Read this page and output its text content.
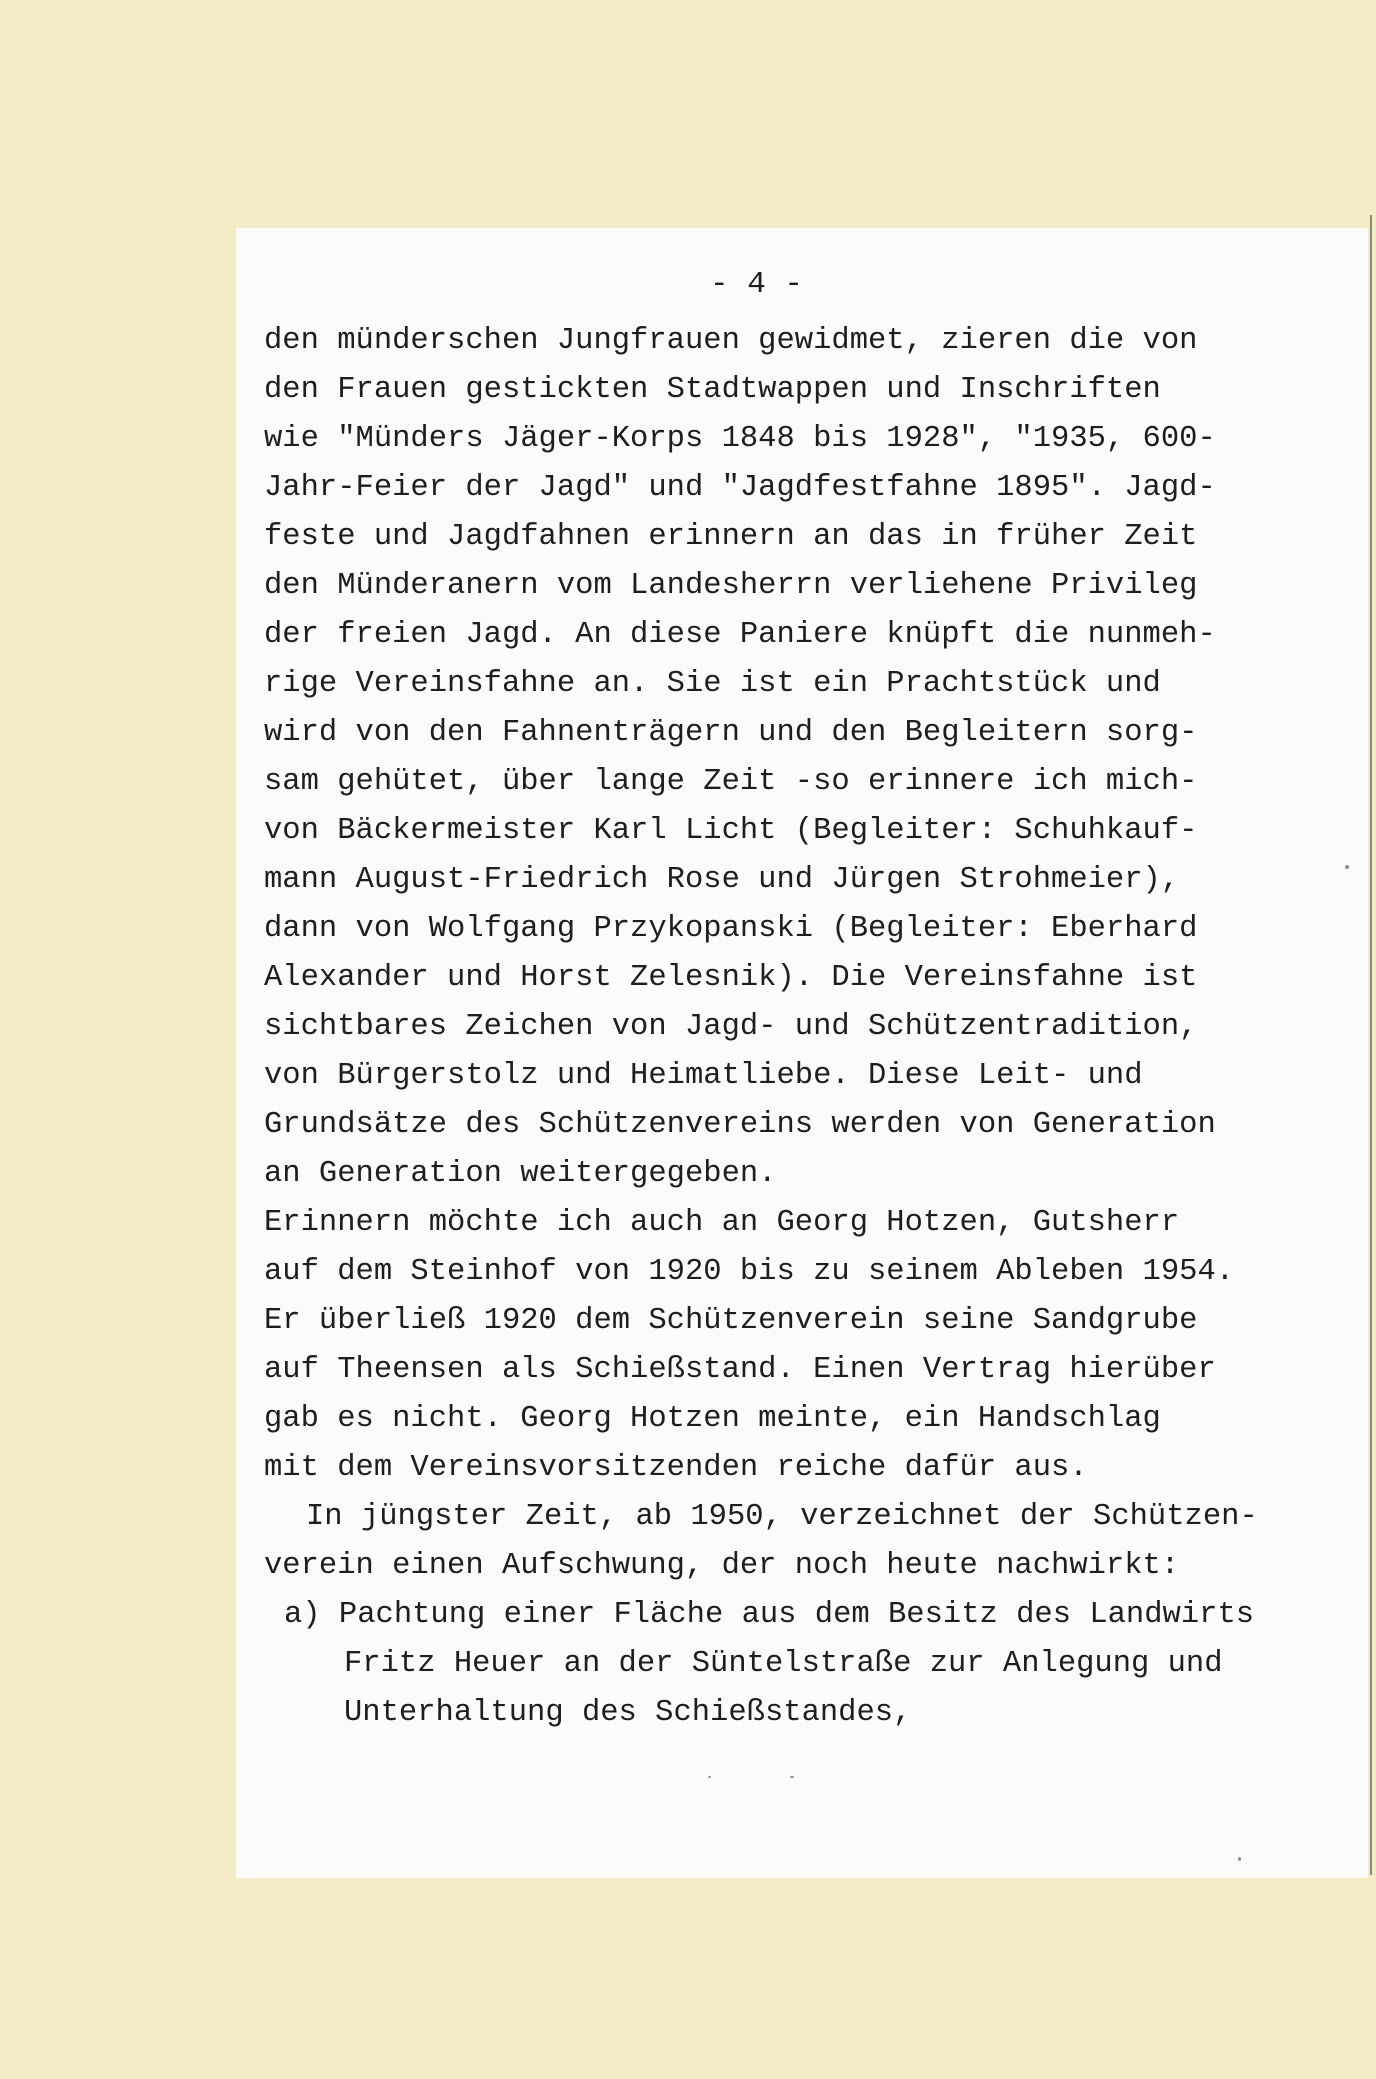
- 4 -
den münderschen Jungfrauen gewidmet, zieren die von
den Frauen gestickten Stadtwappen und Inschriften
wie "Münders Jäger-Korps 1848 bis 1928", "1935, 600-
Jahr-Feier der Jagd" und "Jagdfestfahne 1895". Jagd-
feste und Jagdfahnen erinnern an das in früher Zeit
den Münderanern vom Landesherrn verliehene Privileg
der freien Jagd. An diese Paniere knüpft die nunmeh-
rige Vereinsfahne an. Sie ist ein Prachtstück und
wird von den Fahnenträgern und den Begleitern sorg-
sam gehütet, über lange Zeit -so erinnere ich mich-
von Bäckermeister Karl Licht (Begleiter: Schuhkauf-
mann August-Friedrich Rose und Jürgen Strohmeier),
dann von Wolfgang Przykopanski (Begleiter: Eberhard
Alexander und Horst Zelesnik). Die Vereinsfahne ist
sichtbares Zeichen von Jagd- und Schützentradition,
von Bürgerstolz und Heimatliebe. Diese Leit- und
Grundsätze des Schützenvereins werden von Generation
an Generation weitergegeben.
Erinnern möchte ich auch an Georg Hotzen, Gutsherr
auf dem Steinhof von 1920 bis zu seinem Ableben 1954.
Er überließ 1920 dem Schützenverein seine Sandgrube
auf Theensen als Schießstand. Einen Vertrag hierüber
gab es nicht. Georg Hotzen meinte, ein Handschlag
mit dem Vereinsvorsitzenden reiche dafür aus.
In jüngster Zeit, ab 1950, verzeichnet der Schützen-
verein einen Aufschwung, der noch heute nachwirkt:
a) Pachtung einer Fläche aus dem Besitz des Landwirts
Fritz Heuer an der Süntelstraße zur Anlegung und
Unterhaltung des Schießstandes,
